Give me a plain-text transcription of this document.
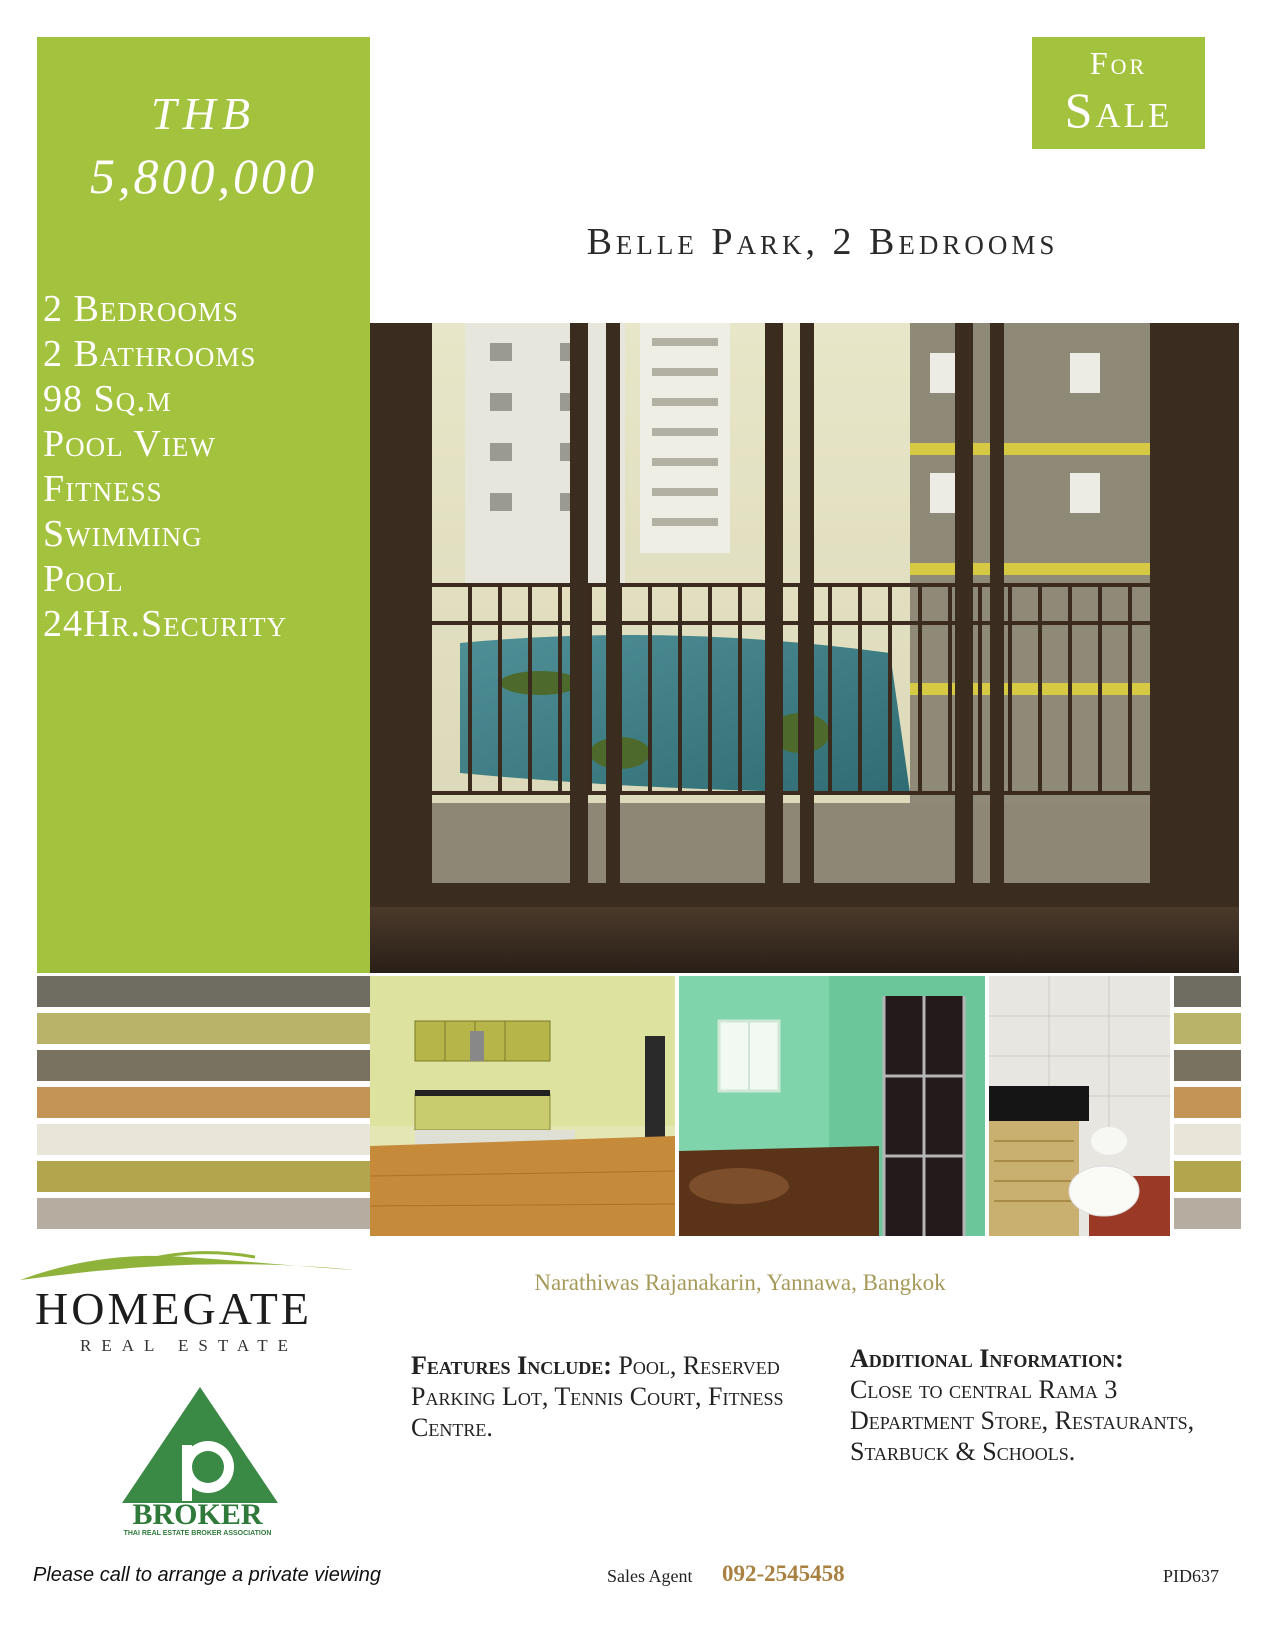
THB
5,800,000
2 Bedrooms
2 Bathrooms
98 Sq.m
Pool View
Fitness
Swimming
Pool
24Hr.Security
For
Sale
Belle Park, 2 Bedrooms
HOMEGATE
REAL ESTATE
BROKER
THAI REAL ESTATE BROKER ASSOCIATION
Narathiwas Rajanakarin, Yannawa, Bangkok
Features Include: Pool, Reserved Parking Lot, Tennis Court, Fitness Centre.
Additional Information:
Close to central Rama 3 Department Store, Restaurants, Starbuck & Schools.
Please call to arrange a private viewing	Sales Agent 092-2545458	PID637
